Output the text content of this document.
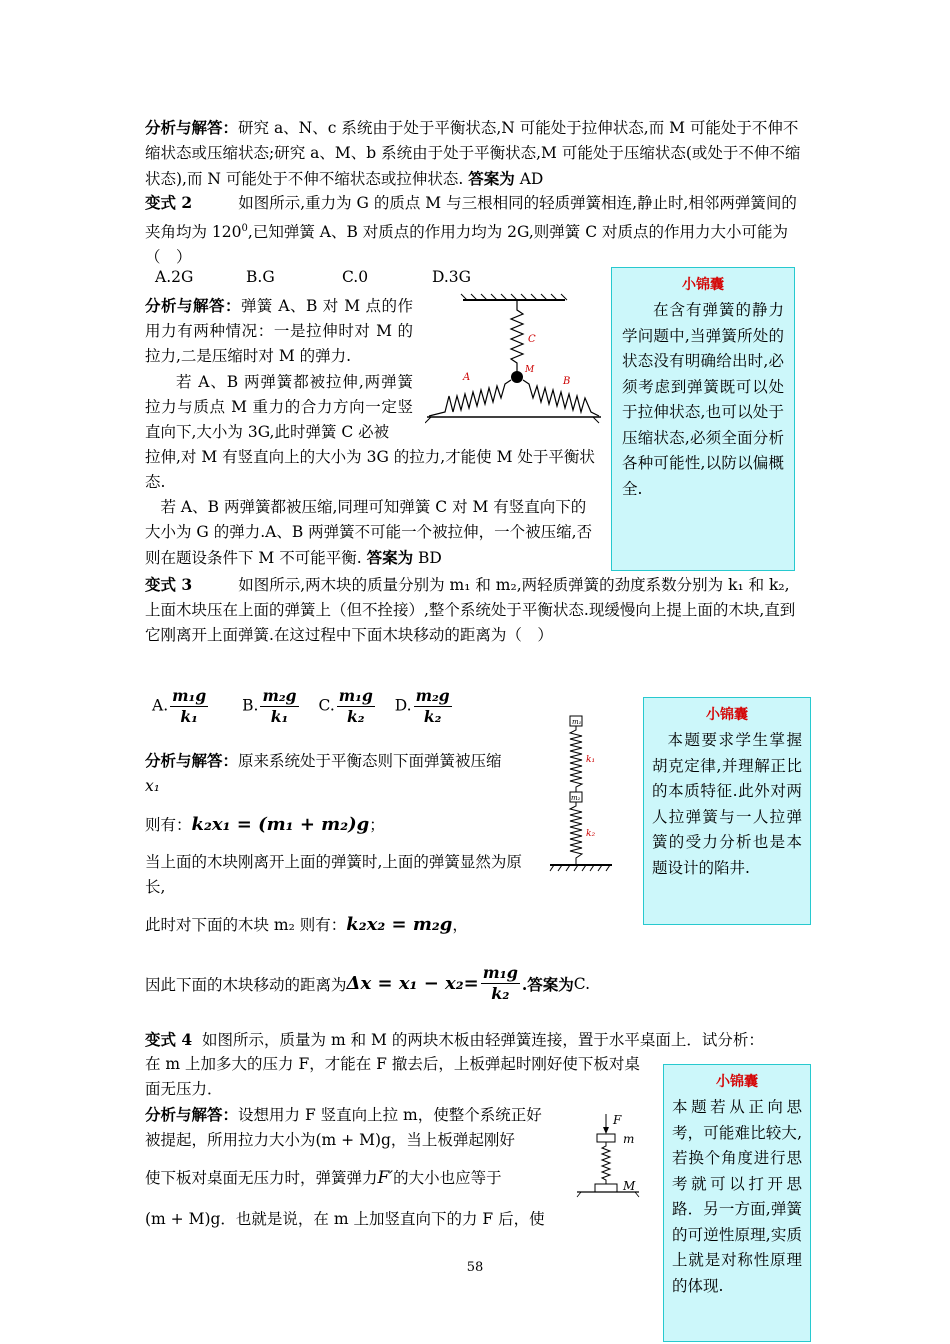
分析与解答：研究 a、N、c 系统由于处于平衡状态,N 可能处于拉伸状态,而 M 可能处于不伸不缩状态或压缩状态;研究 a、M、b 系统由于处于平衡状态,M 可能处于压缩状态(或处于不伸不缩状态),而 N 可能处于不伸不缩状态或拉伸状态. 答案为 AD
变式 2	如图所示,重力为 G 的质点 M 与三根相同的轻质弹簧相连,静止时,相邻两弹簧间的夹角均为 $120^0$,已知弹簧 A、B 对质点的作用力均为 2G,则弹簧 C 对质点的作用力大小可能为（　）
A.2G	B.G	C.0	D.3G
分析与解答：弹簧 A、B 对 M 点的作用力有两种情况：一是拉伸时对 M 的拉力,二是压缩时对 M 的弹力.
若 A、B 两弹簧都被拉伸,两弹簧拉力与质点 M 重力的合力方向一定竖直向下,大小为 3G,此时弹簧 C 必被
拉伸,对 M 有竖直向上的大小为 3G 的拉力,才能使 M 处于平衡状态.
若 A、B 两弹簧都被压缩,同理可知弹簧 C 对 M 有竖直向下的大小为 G 的弹力.A、B 两弹簧不可能一个被拉伸，一个被压缩,否则在题设条件下 M 不可能平衡. 答案为 BD
C
M
A	B
小锦囊
在含有弹簧的静力学问题中,当弹簧所处的状态没有明确给出时,必须考虑到弹簧既可以处于拉伸状态,也可以处于压缩状态,必须全面分析各种可能性,以防以偏概全.
变式 3	如图所示,两木块的质量分别为 m₁ 和 m₂,两轻质弹簧的劲度系数分别为 k₁ 和 k₂,上面木块压在上面的弹簧上（但不拴接）,整个系统处于平衡状态.现缓慢向上提上面的木块,直到它刚离开上面弹簧.在这过程中下面木块移动的距离为（　）
A. $\frac{\text{m₁g}}{\text{k₁}} B$. $\frac{\text{m₂g}}{\text{k₁}} C$. $\frac{\text{m₁g}}{\text{k₂}} D$. $\frac{\text{m₂g}}{\text{k₂}}$
分析与解答：原来系统处于平衡态则下面弹簧被压缩
x₁
则有：k₂x₁ = (m₁ + m₂)g；
当上面的木块刚离开上面的弹簧时,上面的弹簧显然为原长,
此时对下面的木块 m₂ 则有：k₂x₂ = m₂g，
因此下面的木块移动的距离为 $\Delta x = x_1 - x_2= \frac{\text{m₁g}}{\text{k₂}}$ .答案为 C.
m₁
k₁
m₂
k₂
小锦囊
本题要求学生掌握胡克定律,并理解正比的本质特征.此外对两人拉弹簧与一人拉弹簧的受力分析也是本题设计的陷井.
变式 4 如图所示，质量为 m 和 M 的两块木板由轻弹簧连接，置于水平桌面上．试分析：
在 m 上加多大的压力 F，才能在 F 撤去后，上板弹起时刚好使下板对桌面无压力．
分析与解答：设想用力 F 竖直向上拉 m，使整个系统正好被提起，所用拉力大小为(m + M)g，当上板弹起刚好
使下板对桌面无压力时，弹簧弹力F′的大小也应等于
(m + M)g．也就是说，在 m 上加竖直向下的力 F 后，使
F
m
M
小锦囊
本题若从正向思考，可能难比较大,若换个角度进行思考就可以打开思路．另一方面,弹簧的可逆性原理,实质上就是对称性原理的体现.
58
